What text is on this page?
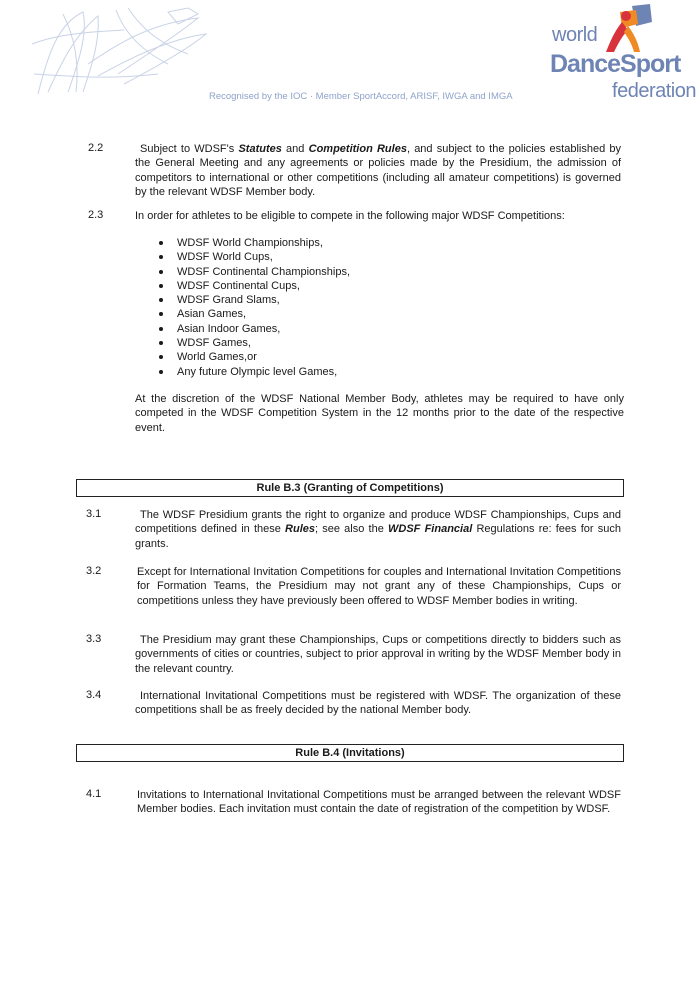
world
DanceSport
federation
Recognised by the IOC · Member SportAccord, ARISF, IWGA and IMGA
2.2	Subject to WDSF's Statutes and Competition Rules, and subject to the policies established by the General Meeting and any agreements or policies made by the Presidium, the admission of competitors to international or other competitions (including all amateur competitions) is governed by the relevant WDSF Member body.
2.3	In order for athletes to be eligible to compete in the following major WDSF Competitions:
WDSF World Championships,
WDSF World Cups,
WDSF Continental Championships,
WDSF Continental Cups,
WDSF Grand Slams,
Asian Games,
Asian Indoor Games,
WDSF Games,
World Games,or
Any future Olympic level Games,
At the discretion of the WDSF National Member Body, athletes may be required to have only competed in the WDSF Competition System in the 12 months prior to the date of the respective event.
Rule B.3 (Granting of Competitions)
3.1	The WDSF Presidium grants the right to organize and produce WDSF Championships, Cups and competitions defined in these Rules; see also the WDSF Financial Regulations re: fees for such grants.
3.2	Except for International Invitation Competitions for couples and International Invitation Competitions for Formation Teams, the Presidium may not grant any of these Championships, Cups or competitions unless they have previously been offered to WDSF Member bodies in writing.
3.3	The Presidium may grant these Championships, Cups or competitions directly to bidders such as governments of cities or countries, subject to prior approval in writing by the WDSF Member body in the relevant country.
3.4	International Invitational Competitions must be registered with WDSF. The organization of these competitions shall be as freely decided by the national Member body.
Rule B.4 (Invitations)
4.1	Invitations to International Invitational Competitions must be arranged between the relevant WDSF Member bodies. Each invitation must contain the date of registration of the competition by WDSF.
